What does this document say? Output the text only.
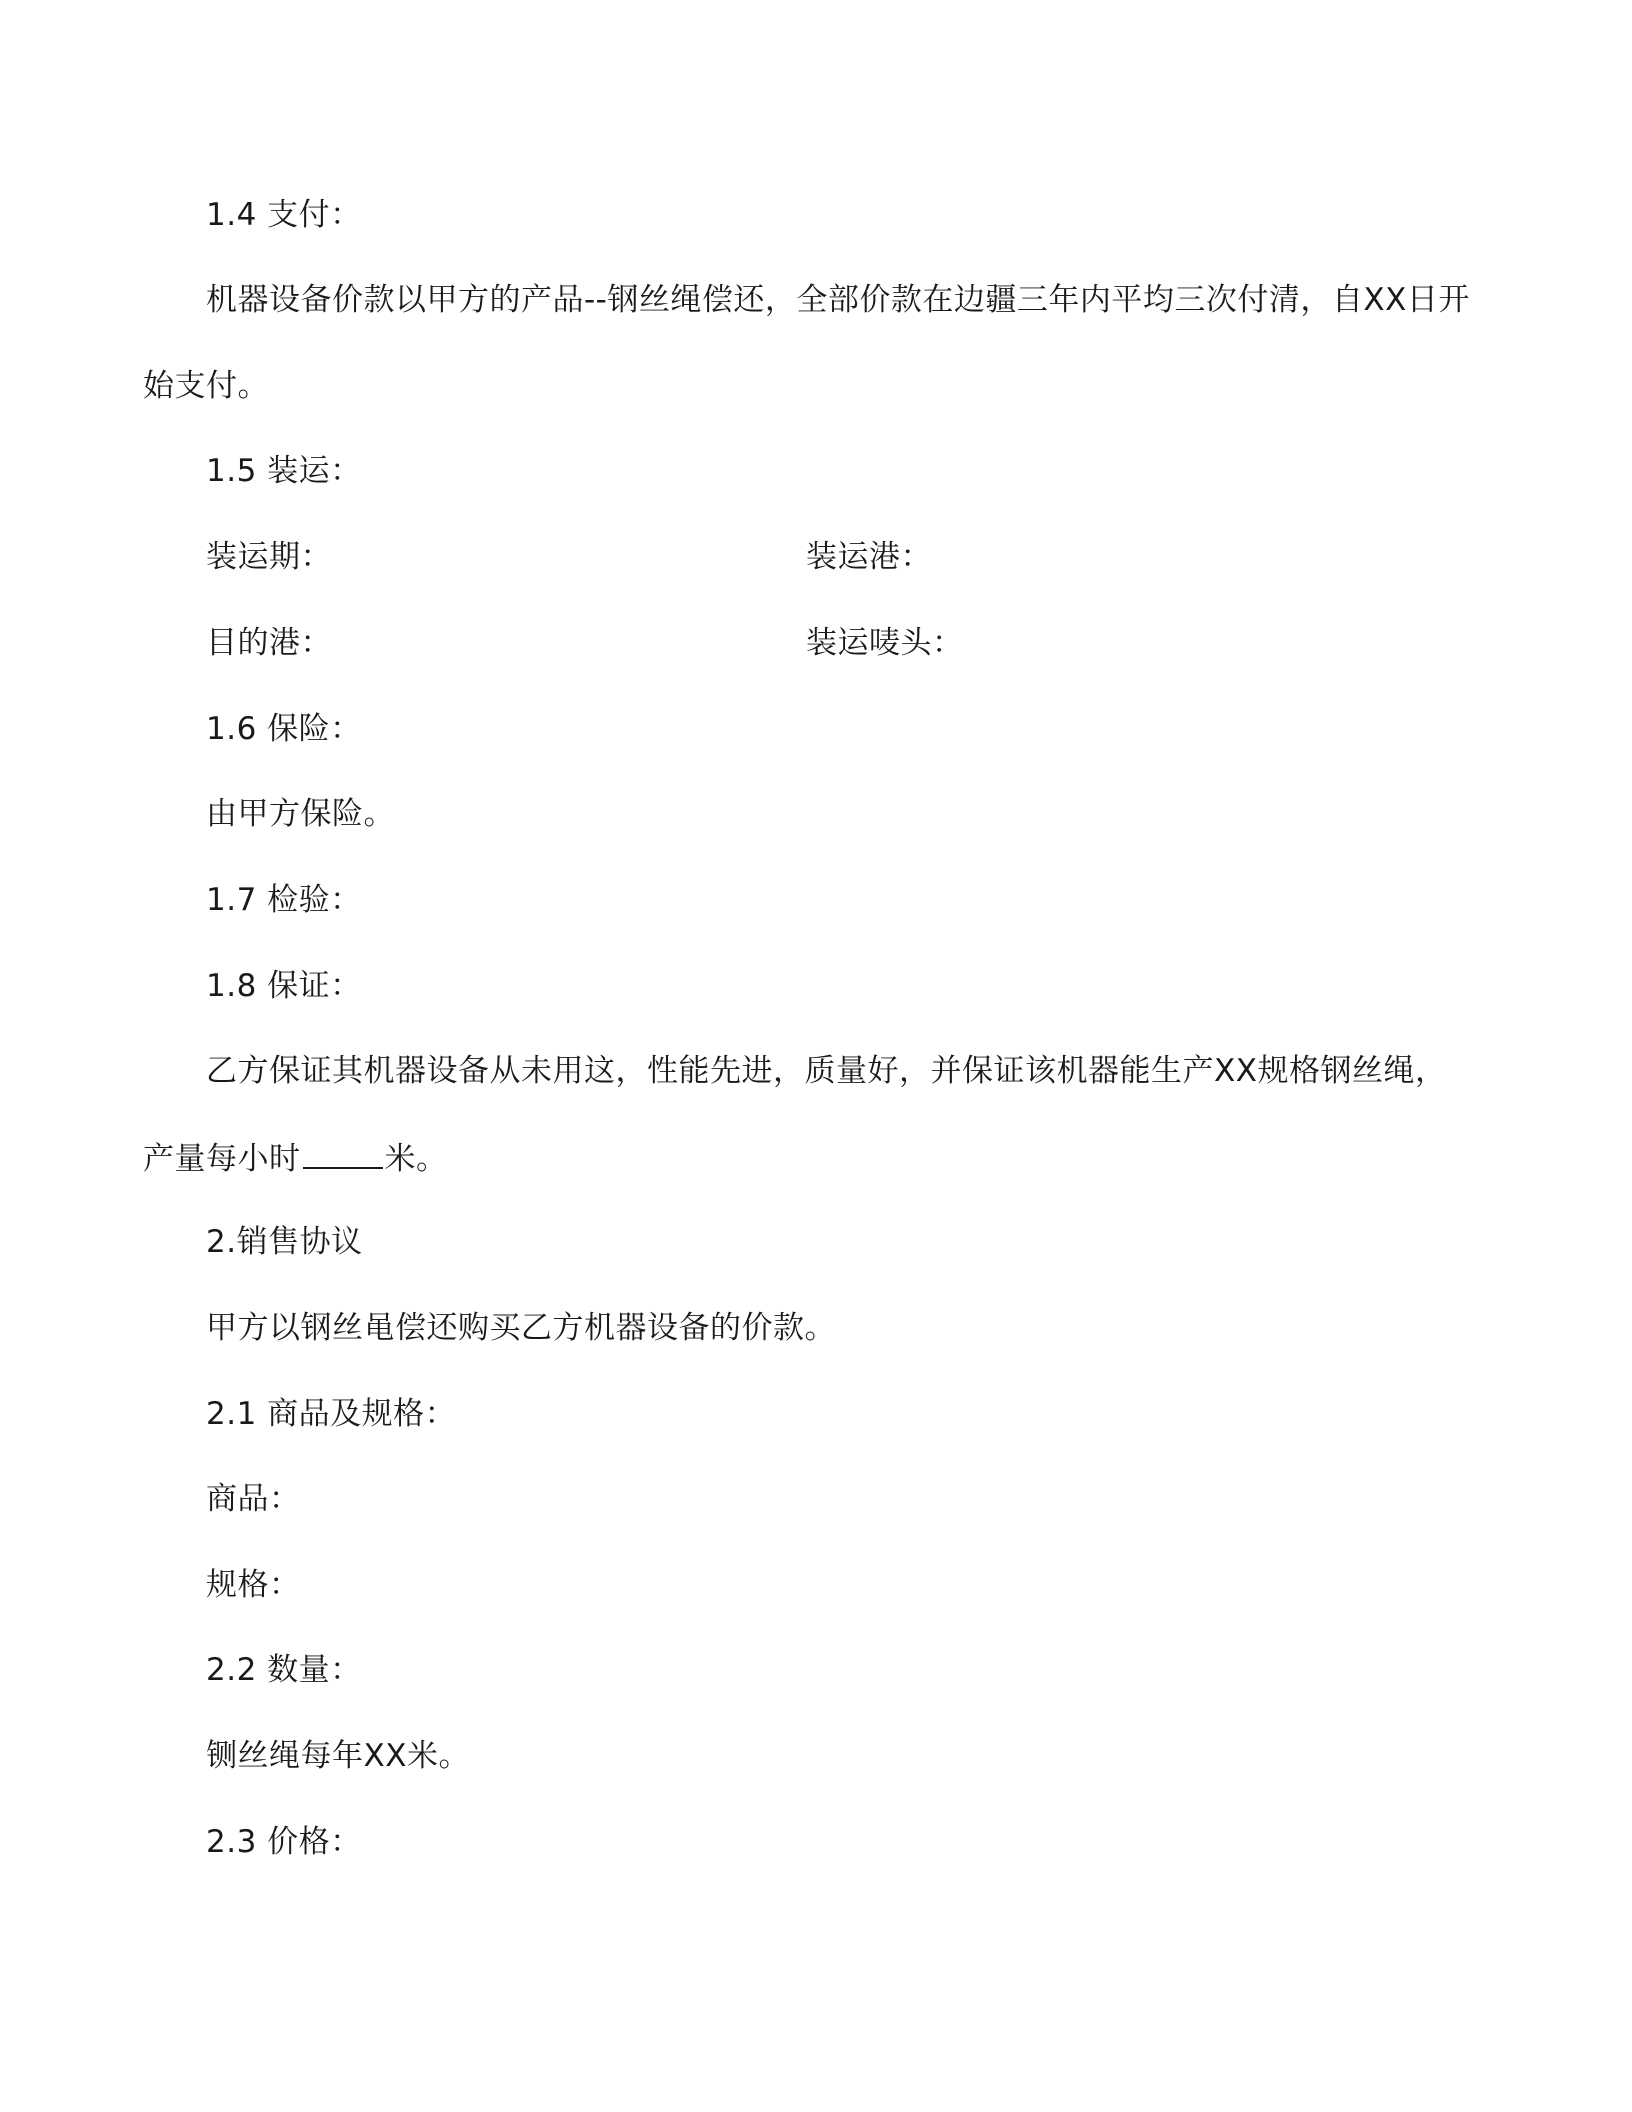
1.4 支付：
机器设备价款以甲方的产品--钢丝绳偿还，全部价款在边疆三年内平均三次付清，自XX日开
始支付。
1.5 装运：
装运期：	装运港：
目的港：	装运唛头：
1.6 保险：
由甲方保险。
1.7 检验：
1.8 保证：
乙方保证其机器设备从未用这，性能先进，质量好，并保证该机器能生产XX规格钢丝绳，
产量每小时	米。
2.销售协议
甲方以钢丝黾偿还购买乙方机器设备的价款。
2.1 商品及规格：
商品：
规格：
2.2 数量：
铡丝绳每年XX米。
2.3 价格：
